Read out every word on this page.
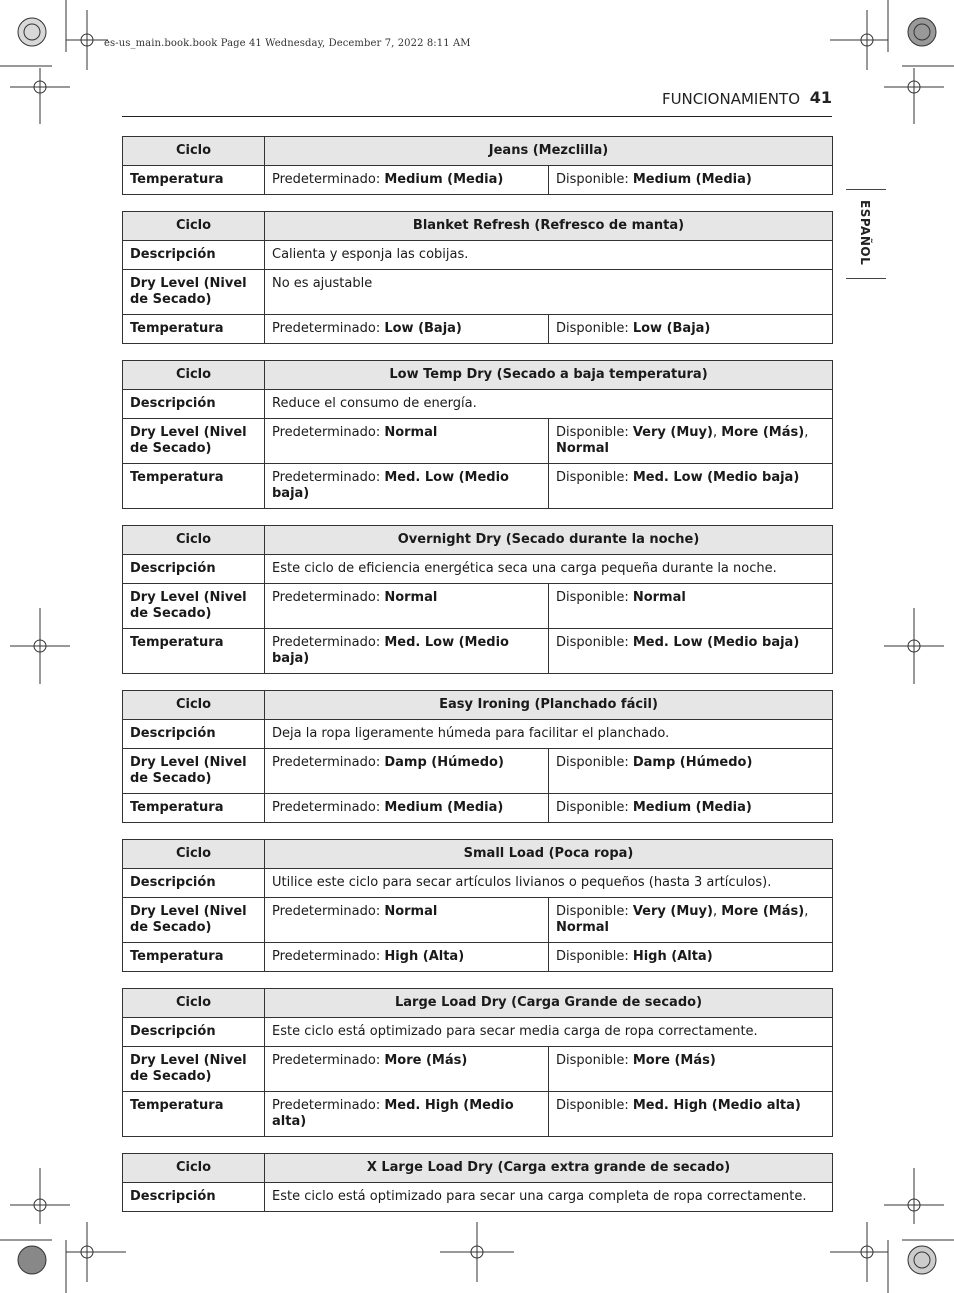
es-us_main.book.book Page 41 Wednesday, December 7, 2022 8:11 AM
FUNCIONAMIENTO 41
ESPAÑOL
Ciclo	Jeans (Mezclilla)	
Temperatura	Predeterminado: Medium (Media)	Disponible: Medium (Media)
Ciclo	Blanket Refresh (Refresco de manta)	
Descripción	Calienta y esponja las cobijas.	
Dry Level (Nivel de Secado)	No es ajustable	
Temperatura	Predeterminado: Low (Baja)	Disponible: Low (Baja)
Ciclo	Low Temp Dry (Secado a baja temperatura)	
Descripción	Reduce el consumo de energía.	
Dry Level (Nivel de Secado)	Predeterminado: Normal	Disponible: Very (Muy), More (Más), Normal
Temperatura	Predeterminado: Med. Low (Medio baja)	Disponible: Med. Low (Medio baja)
Ciclo	Overnight Dry (Secado durante la noche)	
Descripción	Este ciclo de eficiencia energética seca una carga pequeña durante la noche.	
Dry Level (Nivel de Secado)	Predeterminado: Normal	Disponible: Normal
Temperatura	Predeterminado: Med. Low (Medio baja)	Disponible: Med. Low (Medio baja)
Ciclo	Easy Ironing (Planchado fácil)	
Descripción	Deja la ropa ligeramente húmeda para facilitar el planchado.	
Dry Level (Nivel de Secado)	Predeterminado: Damp (Húmedo)	Disponible: Damp (Húmedo)
Temperatura	Predeterminado: Medium (Media)	Disponible: Medium (Media)
Ciclo	Small Load (Poca ropa)	
Descripción	Utilice este ciclo para secar artículos livianos o pequeños (hasta 3 artículos).	
Dry Level (Nivel de Secado)	Predeterminado: Normal	Disponible: Very (Muy), More (Más), Normal
Temperatura	Predeterminado: High (Alta)	Disponible: High (Alta)
Ciclo	Large Load Dry (Carga Grande de secado)	
Descripción	Este ciclo está optimizado para secar media carga de ropa correctamente.	
Dry Level (Nivel de Secado)	Predeterminado: More (Más)	Disponible: More (Más)
Temperatura	Predeterminado: Med. High (Medio alta)	Disponible: Med. High (Medio alta)
Ciclo	X Large Load Dry (Carga extra grande de secado)
Descripción	Este ciclo está optimizado para secar una carga completa de ropa correctamente.
